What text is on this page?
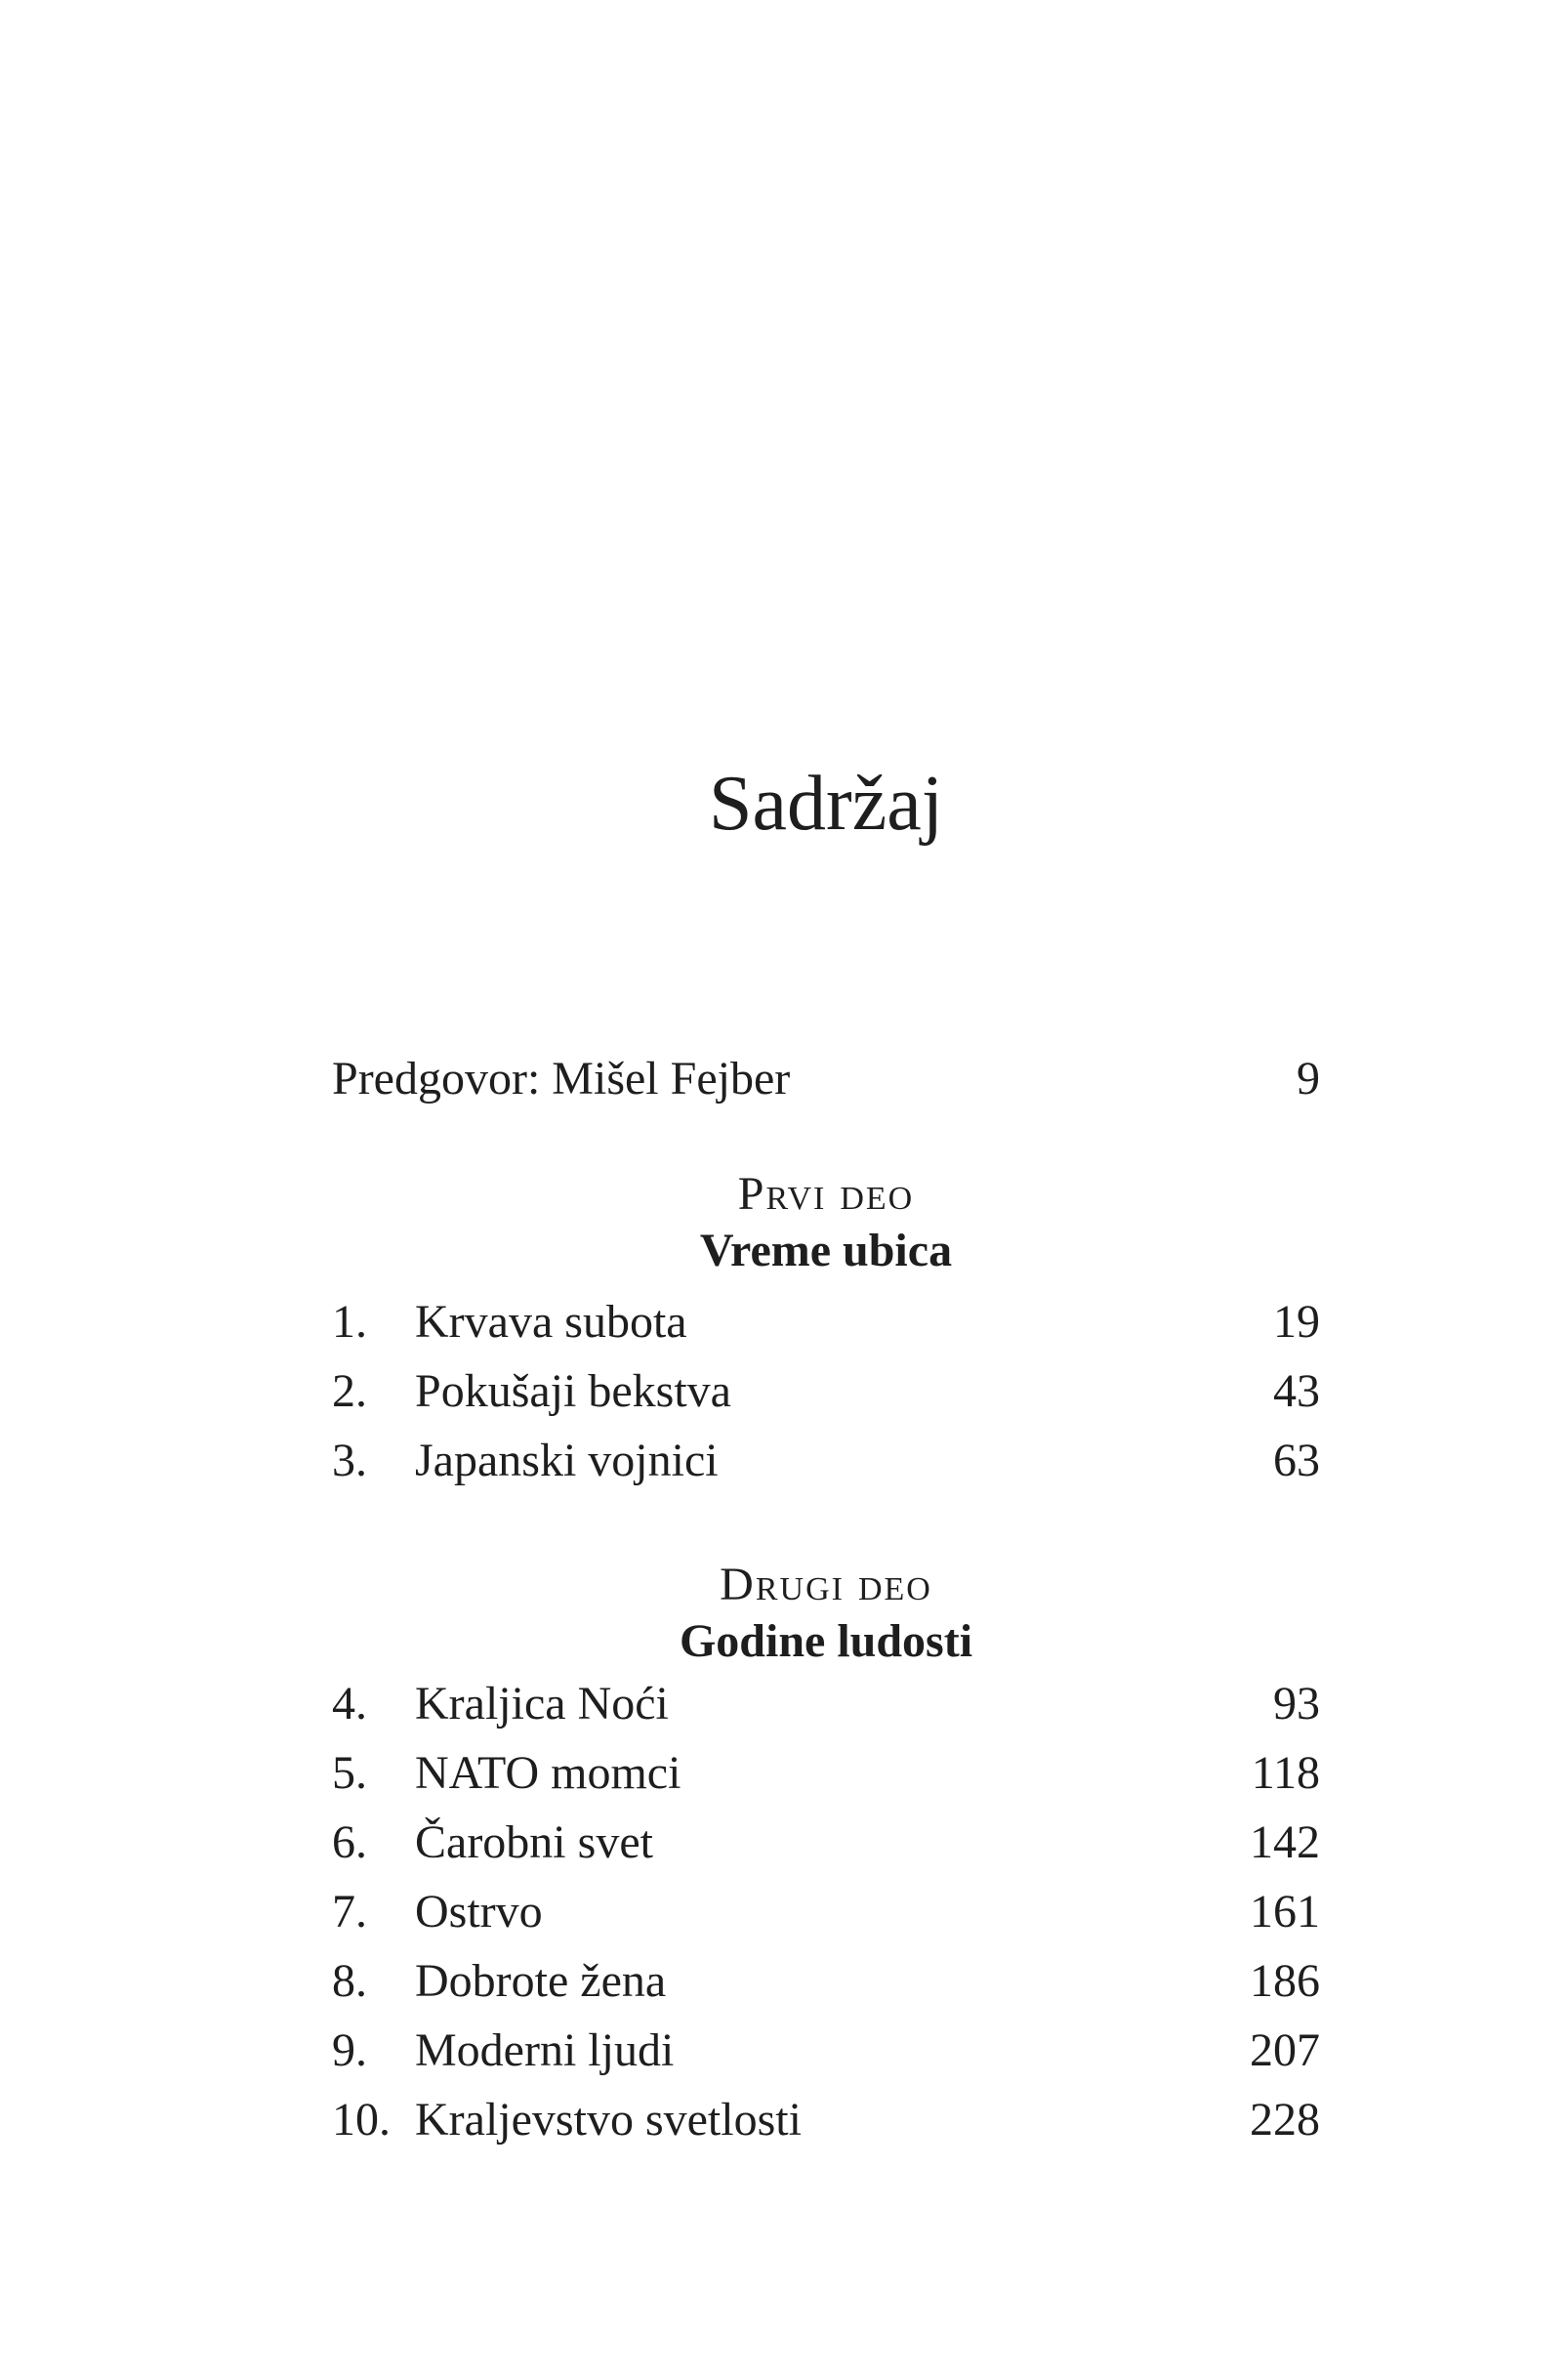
Sadržaj
Predgovor: Mišel Fejber	9
Prvi deo
Vreme ubica
1.	Krvava subota	19
2.	Pokušaji bekstva	43
3.	Japanski vojnici	63
Drugi deo
Godine ludosti
4.	Kraljica Noći	93
5.	NATO momci	118
6.	Čarobni svet	142
7.	Ostrvo	161
8.	Dobrote žena	186
9.	Moderni ljudi	207
10. Kraljevstvo svetlosti	228
